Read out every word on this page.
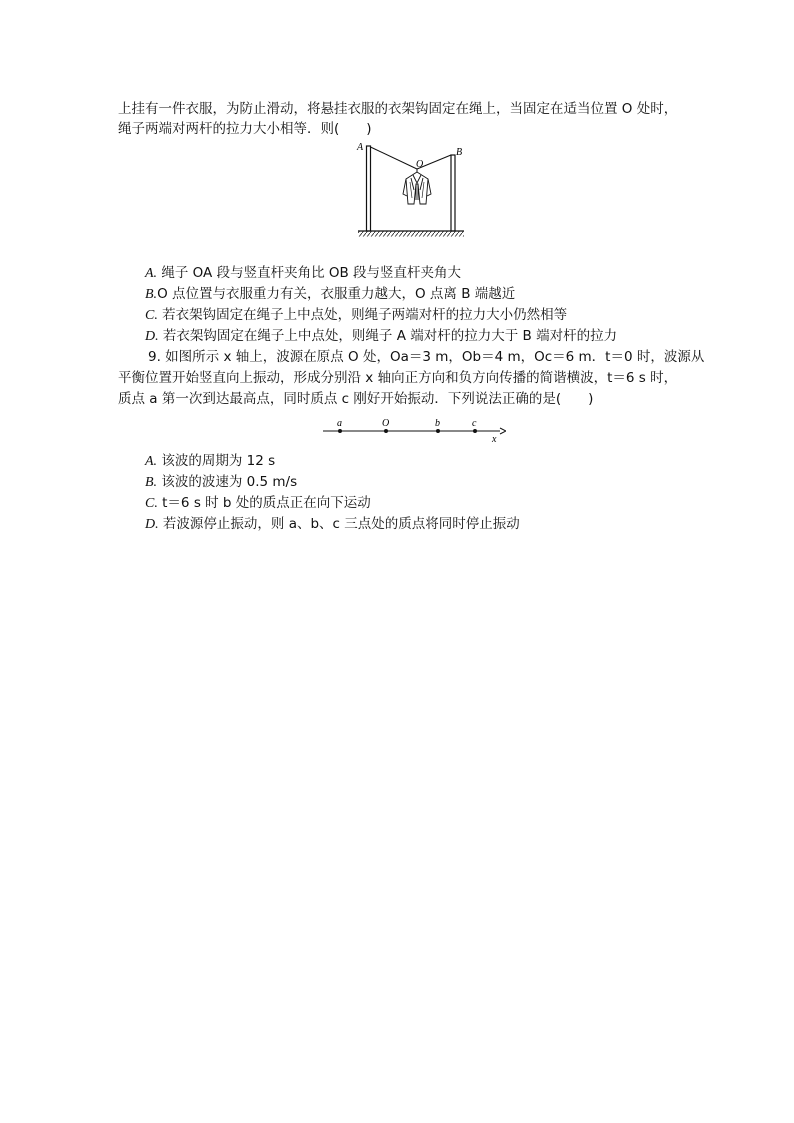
上挂有一件衣服，为防止滑动，将悬挂衣服的衣架钩固定在绳上，当固定在适当位置 O 处时，
绳子两端对两杆的拉力大小相等．则(　　)
A	B
O
A. 绳子 OA 段与竖直杆夹角比 OB 段与竖直杆夹角大
B.O 点位置与衣服重力有关，衣服重力越大，O 点离 B 端越近
C. 若衣架钩固定在绳子上中点处，则绳子两端对杆的拉力大小仍然相等
D. 若衣架钩固定在绳子上中点处，则绳子 A 端对杆的拉力大于 B 端对杆的拉力
9. 如图所示 x 轴上，波源在原点 O 处，Oa＝3 m，Ob＝4 m，Oc＝6 m．t＝0 时，波源从
平衡位置开始竖直向上振动，形成分别沿 x 轴向正方向和负方向传播的简谐横波，t＝6 s 时，
质点 a 第一次到达最高点，同时质点 c 刚好开始振动．下列说法正确的是(　　)
a	O	b	c
x
A. 该波的周期为 12 s
B. 该波的波速为 0.5 m/s
C. t＝6 s 时 b 处的质点正在向下运动
D. 若波源停止振动，则 a、b、c 三点处的质点将同时停止振动
